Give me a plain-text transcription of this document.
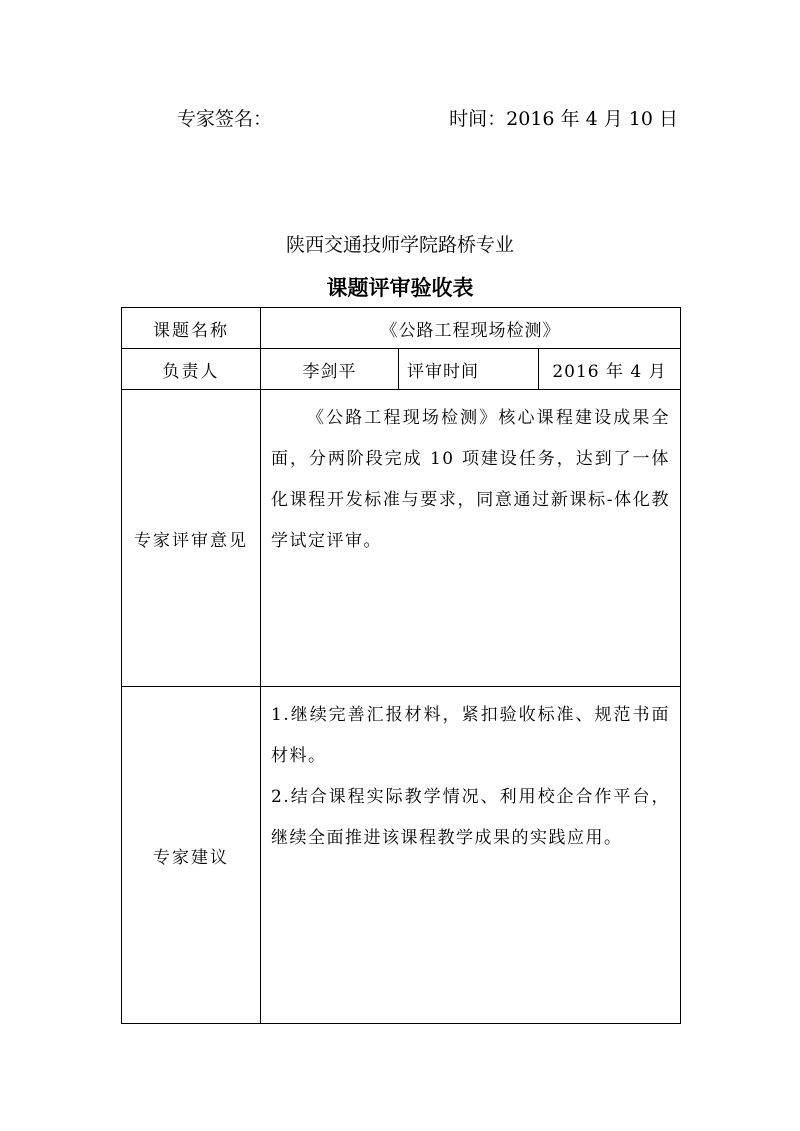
专家签名：	时间：2016 年 4 月 10 日
陕西交通技师学院路桥专业
课题评审验收表
课题名称	《公路工程现场检测》		
负责人	李剑平	评审时间	2016 年 4 月
专家评审意见	《公路工程现场检测》核心课程建设成果全面，分两阶段完成 10 项建设任务，达到了一体化课程开发标准与要求，同意通过新课标-体化教学试定评审。		

专家建议	1.继续完善汇报材料，紧扣验收标准、规范书面材料。

2.结合课程实际教学情况、利用校企合作平台，继续全面推进该课程教学成果的实践应用。		
